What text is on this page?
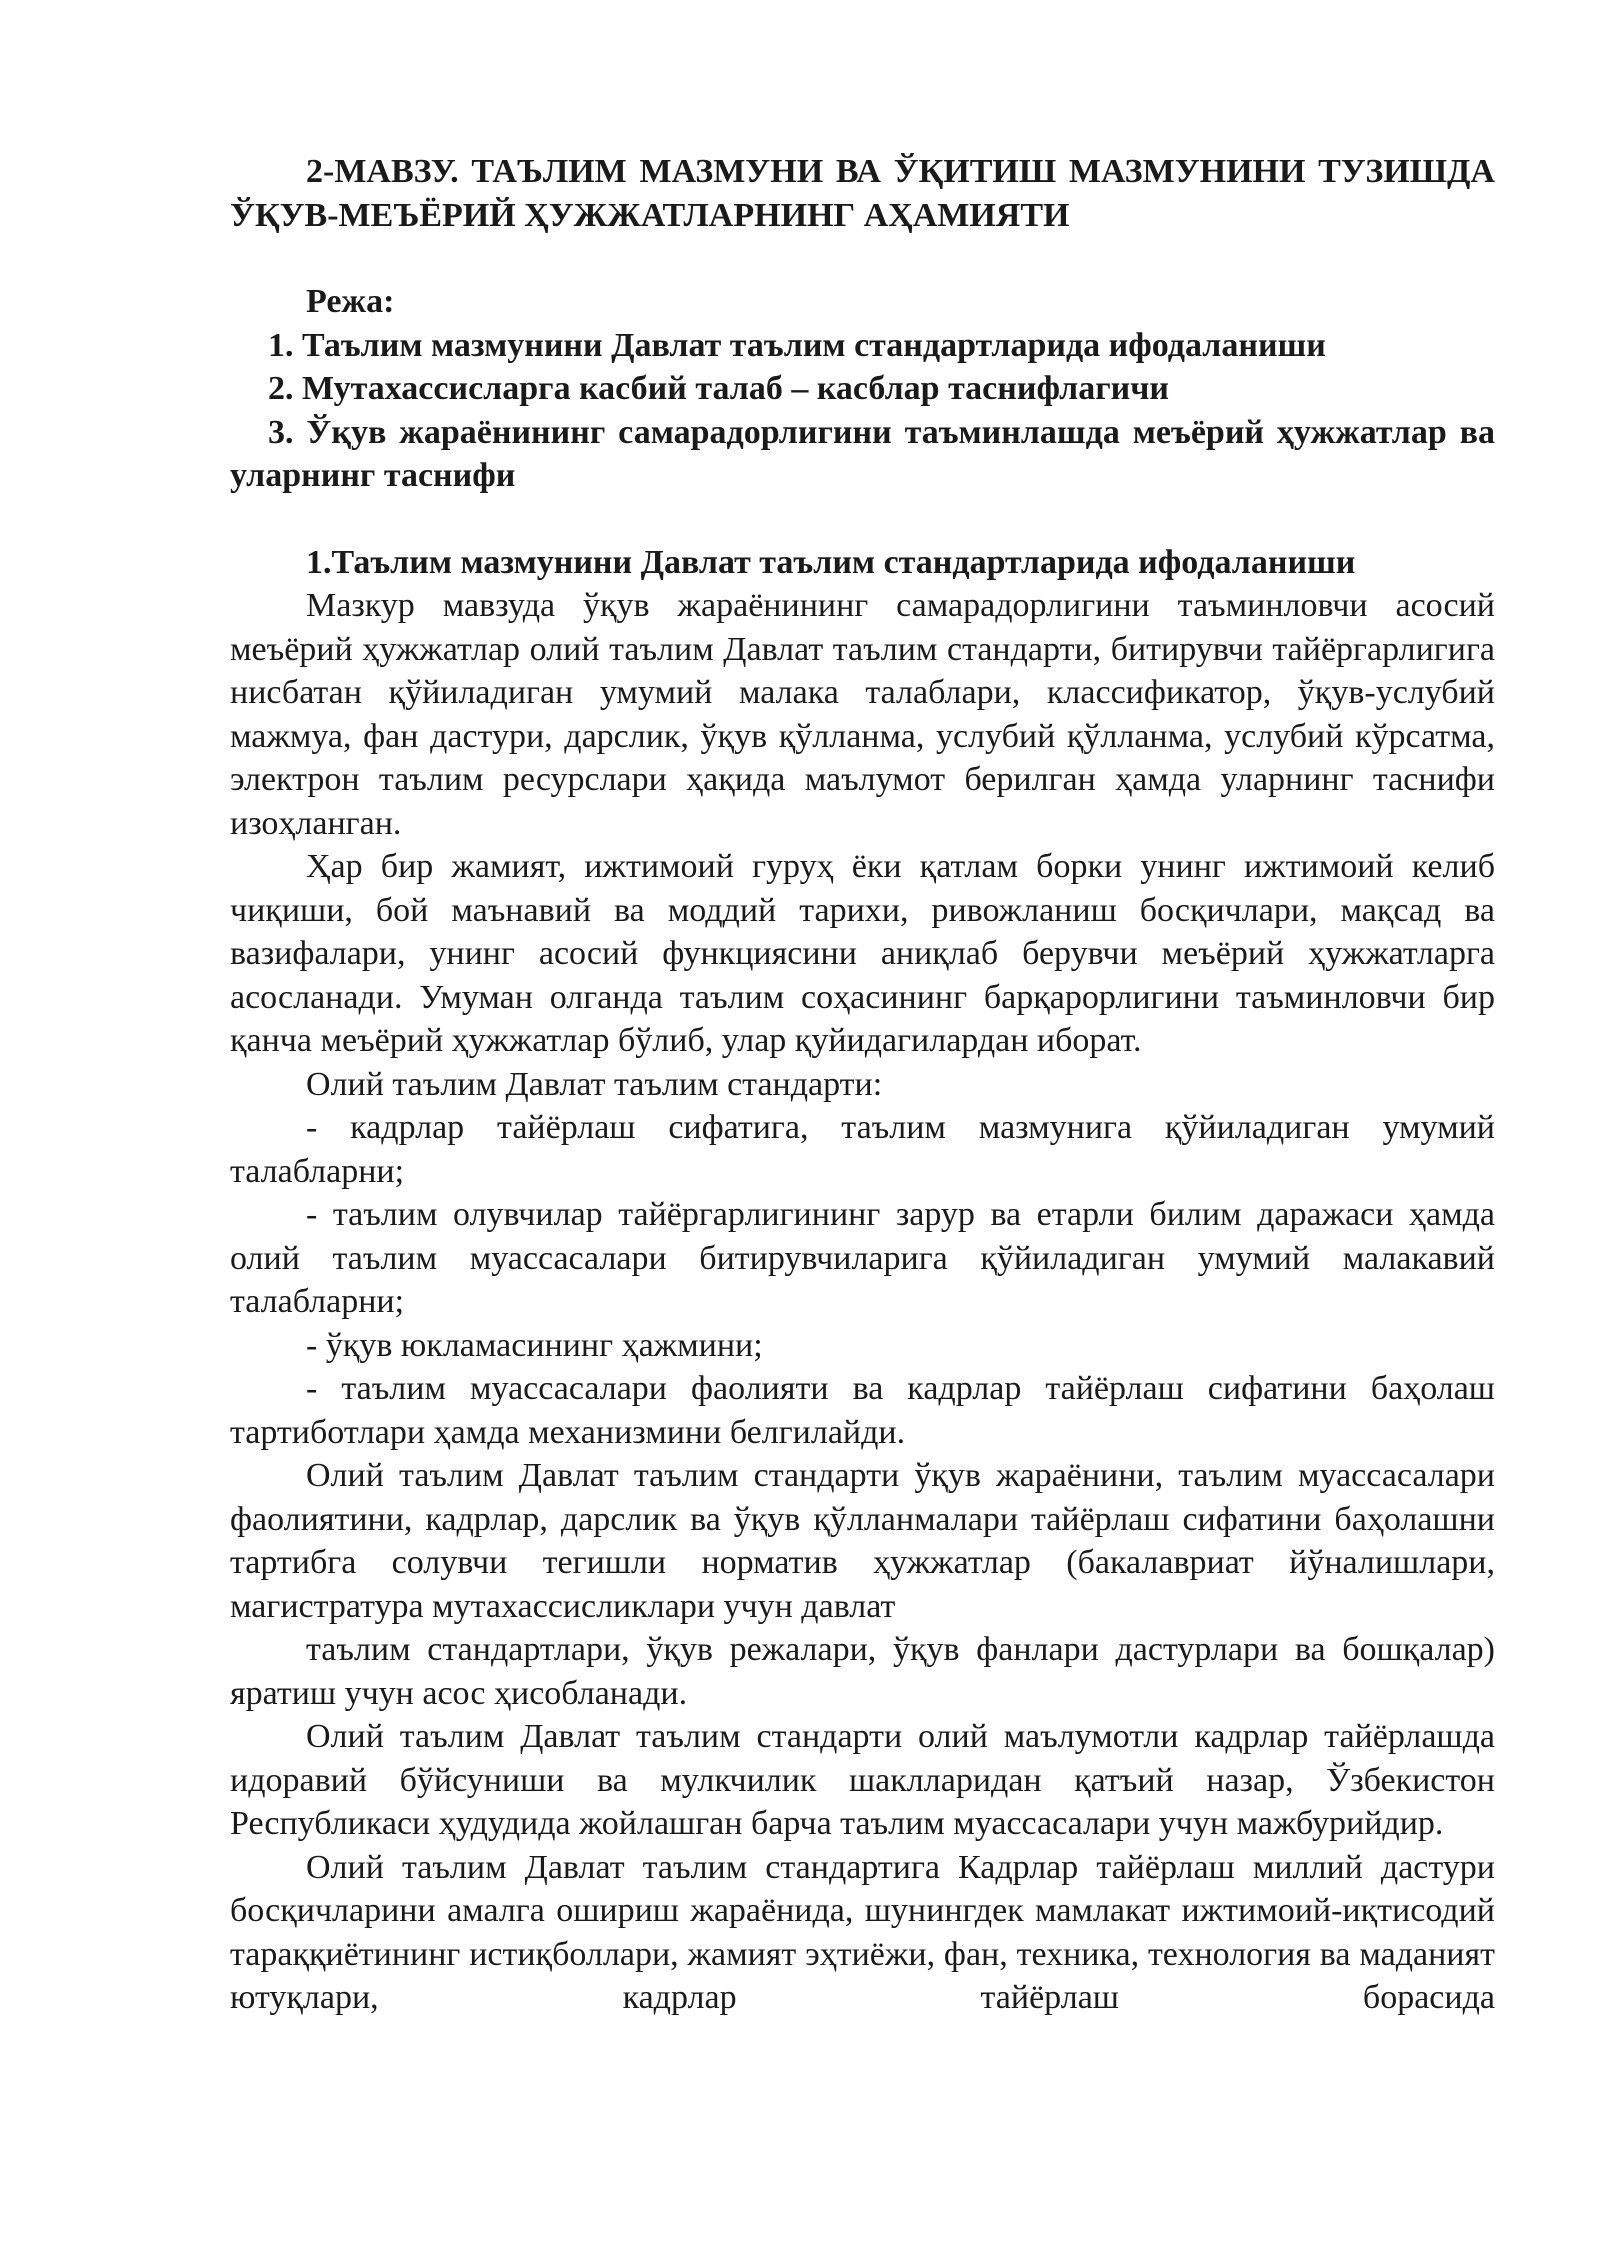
2-МАВЗУ. ТАЪЛИМ МАЗМУНИ ВА ЎҚИТИШ МАЗМУНИНИ ТУЗИШДА ЎҚУВ-МЕЪЁРИЙ ҲУЖЖАТЛАРНИНГ АҲАМИЯТИ

Режа:

1. Таълим мазмунини Давлат таълим стандартларида ифодаланиши
2. Мутахассисларга касбий талаб – касблар таснифлагичи
3. Ўқув жараёнининг самарадорлигини таъминлашда меъёрий ҳужжатлар ва уларнинг таснифи

1.Таълим мазмунини Давлат таълим стандартларида ифодаланиши

Мазкур мавзуда ўқув жараёнининг самарадорлигини таъминловчи асосий меъёрий ҳужжатлар олий таълим Давлат таълим стандарти, битирувчи тайёргарлигига нисбатан қўйиладиган умумий малака талаблари, классификатор, ўқув-услубий мажмуа, фан дастури, дарслик, ўқув қўлланма, услубий қўлланма, услубий кўрсатма, электрон таълим ресурслари ҳақида маълумот берилган ҳамда уларнинг таснифи изоҳланган.

Ҳар бир жамият, ижтимоий гуруҳ ёки қатлам борки унинг ижтимоий келиб чиқиши, бой маънавий ва моддий тарихи, ривожланиш босқичлари, мақсад ва вазифалари, унинг асосий функциясини аниқлаб берувчи меъёрий ҳужжатларга асосланади. Умуман олганда таълим соҳасининг барқарорлигини таъминловчи бир қанча меъёрий ҳужжатлар бўлиб, улар қуйидагилардан иборат.

Олий таълим Давлат таълим стандарти:

- кадрлар тайёрлаш сифатига, таълим мазмунига қўйиладиган умумий талабларни;

- таълим олувчилар тайёргарлигининг зарур ва етарли билим даражаси ҳамда олий таълим муассасалари битирувчиларига қўйиладиган умумий малакавий талабларни;

- ўқув юкламасининг ҳажмини;

- таълим муассасалари фаолияти ва кадрлар тайёрлаш сифатини баҳолаш тартиботлари ҳамда механизмини белгилайди.

Олий таълим Давлат таълим стандарти ўқув жараёнини, таълим муассасалари фаолиятини, кадрлар, дарслик ва ўқув қўлланмалари тайёрлаш сифатини баҳолашни тартибга солувчи тегишли норматив ҳужжатлар (бакалавриат йўналишлари, магистратура мутахассисликлари учун давлат

таълим стандартлари, ўқув режалари, ўқув фанлари дастурлари ва бошқалар) яратиш учун асос ҳисобланади.

Олий таълим Давлат таълим стандарти олий маълумотли кадрлар тайёрлашда идоравий бўйсуниши ва мулкчилик шаклларидан қатъий назар, Ўзбекистон Республикаси ҳудудида жойлашган барча таълим муассасалари учун мажбурийдир.

Олий таълим Давлат таълим стандартига Кадрлар тайёрлаш миллий дастури босқичларини амалга ошириш жараёнида, шунингдек мамлакат ижтимоий-иқтисодий тараққиётининг истиқболлари, жамият эҳтиёжи, фан, техника, технология ва маданият ютуқлари, кадрлар тайёрлаш борасида
